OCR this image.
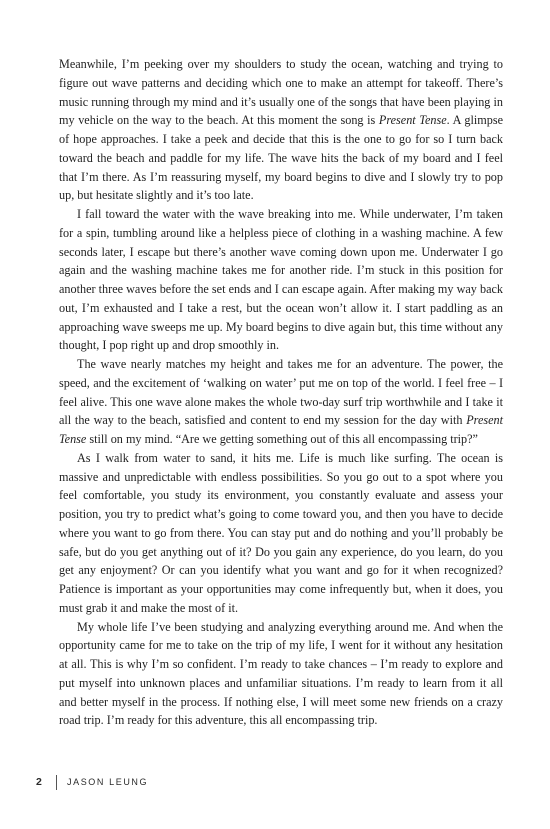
Meanwhile, I’m peeking over my shoulders to study the ocean, watching and trying to figure out wave patterns and deciding which one to make an attempt for takeoff. There’s music running through my mind and it’s usually one of the songs that have been playing in my vehicle on the way to the beach. At this moment the song is Present Tense. A glimpse of hope approaches. I take a peek and decide that this is the one to go for so I turn back toward the beach and paddle for my life. The wave hits the back of my board and I feel that I’m there. As I’m reassuring myself, my board begins to dive and I slowly try to pop up, but hesitate slightly and it’s too late.

I fall toward the water with the wave breaking into me. While underwater, I’m taken for a spin, tumbling around like a helpless piece of clothing in a washing machine. A few seconds later, I escape but there’s another wave coming down upon me. Underwater I go again and the washing machine takes me for another ride. I’m stuck in this position for another three waves before the set ends and I can escape again. After making my way back out, I’m exhausted and I take a rest, but the ocean won’t allow it. I start paddling as an approaching wave sweeps me up. My board begins to dive again but, this time without any thought, I pop right up and drop smoothly in.

The wave nearly matches my height and takes me for an adventure. The power, the speed, and the excitement of ‘walking on water’ put me on top of the world. I feel free – I feel alive. This one wave alone makes the whole two-day surf trip worthwhile and I take it all the way to the beach, satisfied and content to end my session for the day with Present Tense still on my mind. “Are we getting something out of this all encompassing trip?”

As I walk from water to sand, it hits me. Life is much like surfing. The ocean is massive and unpredictable with endless possibilities. So you go out to a spot where you feel comfortable, you study its environment, you constantly evaluate and assess your position, you try to predict what’s going to come toward you, and then you have to decide where you want to go from there. You can stay put and do nothing and you’ll probably be safe, but do you get anything out of it? Do you gain any experience, do you learn, do you get any enjoyment? Or can you identify what you want and go for it when recognized? Patience is important as your opportunities may come infrequently but, when it does, you must grab it and make the most of it.

My whole life I’ve been studying and analyzing everything around me. And when the opportunity came for me to take on the trip of my life, I went for it without any hesitation at all. This is why I’m so confident. I’m ready to take chances – I’m ready to explore and put myself into unknown places and unfamiliar situations. I’m ready to learn from it all and better myself in the process. If nothing else, I will meet some new friends on a crazy road trip. I’m ready for this adventure, this all encompassing trip.

2	JASON LEUNG
